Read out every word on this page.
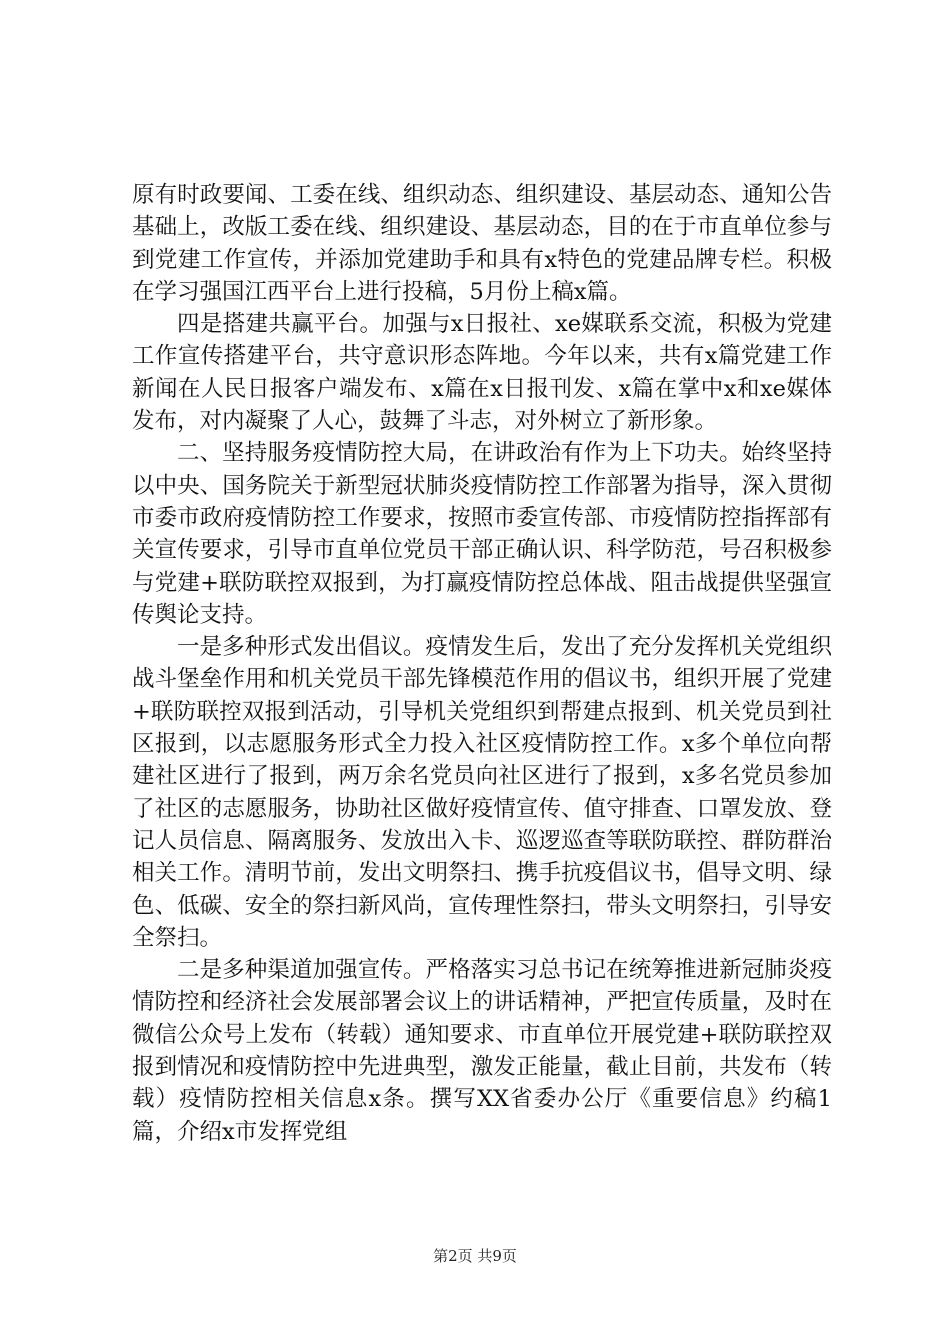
原有时政要闻、工委在线、组织动态、组织建设、基层动态、通知公告基础上，改版工委在线、组织建设、基层动态，目的在于市直单位参与到党建工作宣传，并添加党建助手和具有x特色的党建品牌专栏。积极在学习强国江西平台上进行投稿，5月份上稿x篇。

四是搭建共赢平台。加强与x日报社、xe媒联系交流，积极为党建工作宣传搭建平台，共守意识形态阵地。今年以来，共有x篇党建工作新闻在人民日报客户端发布、x篇在x日报刊发、x篇在掌中x和xe媒体发布，对内凝聚了人心，鼓舞了斗志，对外树立了新形象。

二、坚持服务疫情防控大局，在讲政治有作为上下功夫。始终坚持以中央、国务院关于新型冠状肺炎疫情防控工作部署为指导，深入贯彻市委市政府疫情防控工作要求，按照市委宣传部、市疫情防控指挥部有关宣传要求，引导市直单位党员干部正确认识、科学防范，号召积极参与党建+联防联控双报到，为打赢疫情防控总体战、阻击战提供坚强宣传舆论支持。

一是多种形式发出倡议。疫情发生后，发出了充分发挥机关党组织战斗堡垒作用和机关党员干部先锋模范作用的倡议书，组织开展了党建+联防联控双报到活动，引导机关党组织到帮建点报到、机关党员到社区报到，以志愿服务形式全力投入社区疫情防控工作。x多个单位向帮建社区进行了报到，两万余名党员向社区进行了报到，x多名党员参加了社区的志愿服务，协助社区做好疫情宣传、值守排查、口罩发放、登记人员信息、隔离服务、发放出入卡、巡逻巡查等联防联控、群防群治相关工作。清明节前，发出文明祭扫、携手抗疫倡议书，倡导文明、绿色、低碳、安全的祭扫新风尚，宣传理性祭扫，带头文明祭扫，引导安全祭扫。

二是多种渠道加强宣传。严格落实习总书记在统筹推进新冠肺炎疫情防控和经济社会发展部署会议上的讲话精神，严把宣传质量，及时在微信公众号上发布（转载）通知要求、市直单位开展党建+联防联控双报到情况和疫情防控中先进典型，激发正能量，截止目前，共发布（转载）疫情防控相关信息x条。撰写XX省委办公厅《重要信息》约稿1篇，介绍x市发挥党组

第2页 共9页
